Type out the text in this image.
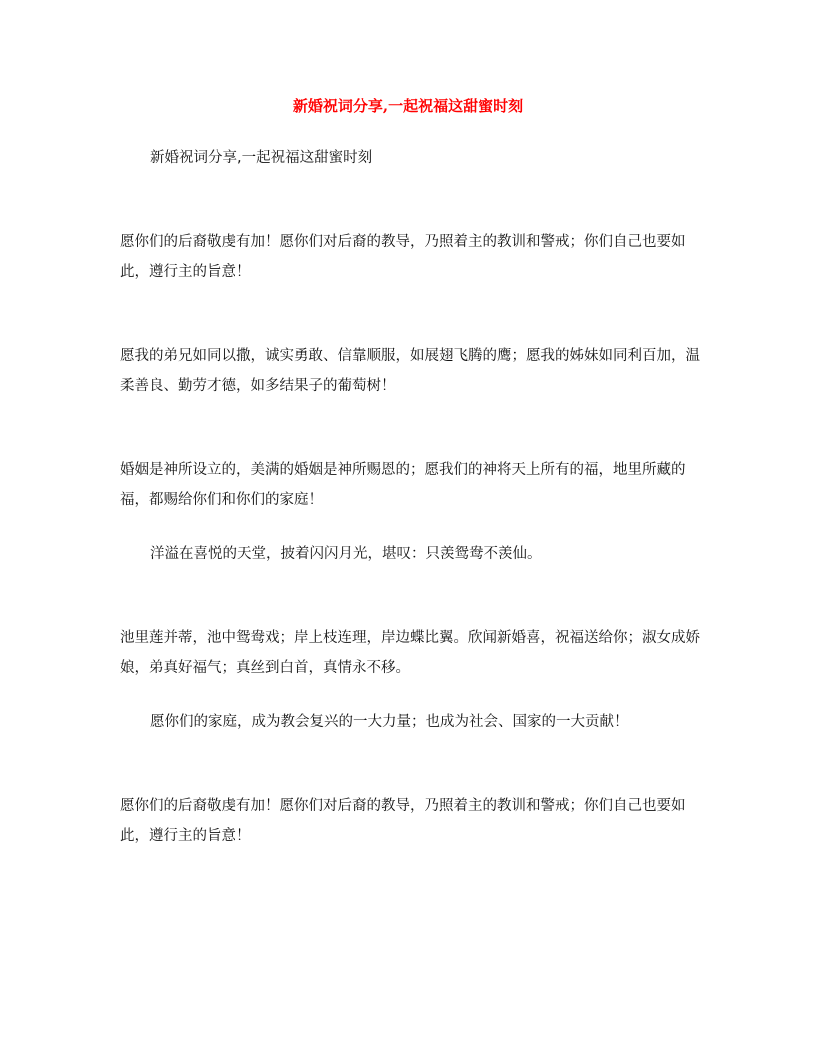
新婚祝词分享,一起祝福这甜蜜时刻

新婚祝词分享,一起祝福这甜蜜时刻

愿你们的后裔敬虔有加！愿你们对后裔的教导，乃照着主的教训和警戒；你们自己也要如此，遵行主的旨意！

愿我的弟兄如同以撒，诚实勇敢、信靠顺服，如展翅飞腾的鹰；愿我的姊妹如同利百加，温柔善良、勤劳才德，如多结果子的葡萄树！

婚姻是神所设立的，美满的婚姻是神所赐恩的；愿我们的神将天上所有的福，地里所藏的福，都赐给你们和你们的家庭！

洋溢在喜悦的天堂，披着闪闪月光，堪叹：只羡鸳鸯不羡仙。

池里莲并蒂，池中鸳鸯戏；岸上枝连理，岸边蝶比翼。欣闻新婚喜，祝福送给你；淑女成娇娘，弟真好福气；真丝到白首，真情永不移。

愿你们的家庭，成为教会复兴的一大力量；也成为社会、国家的一大贡献！

愿你们的后裔敬虔有加！愿你们对后裔的教导，乃照着主的教训和警戒；你们自己也要如此，遵行主的旨意！
